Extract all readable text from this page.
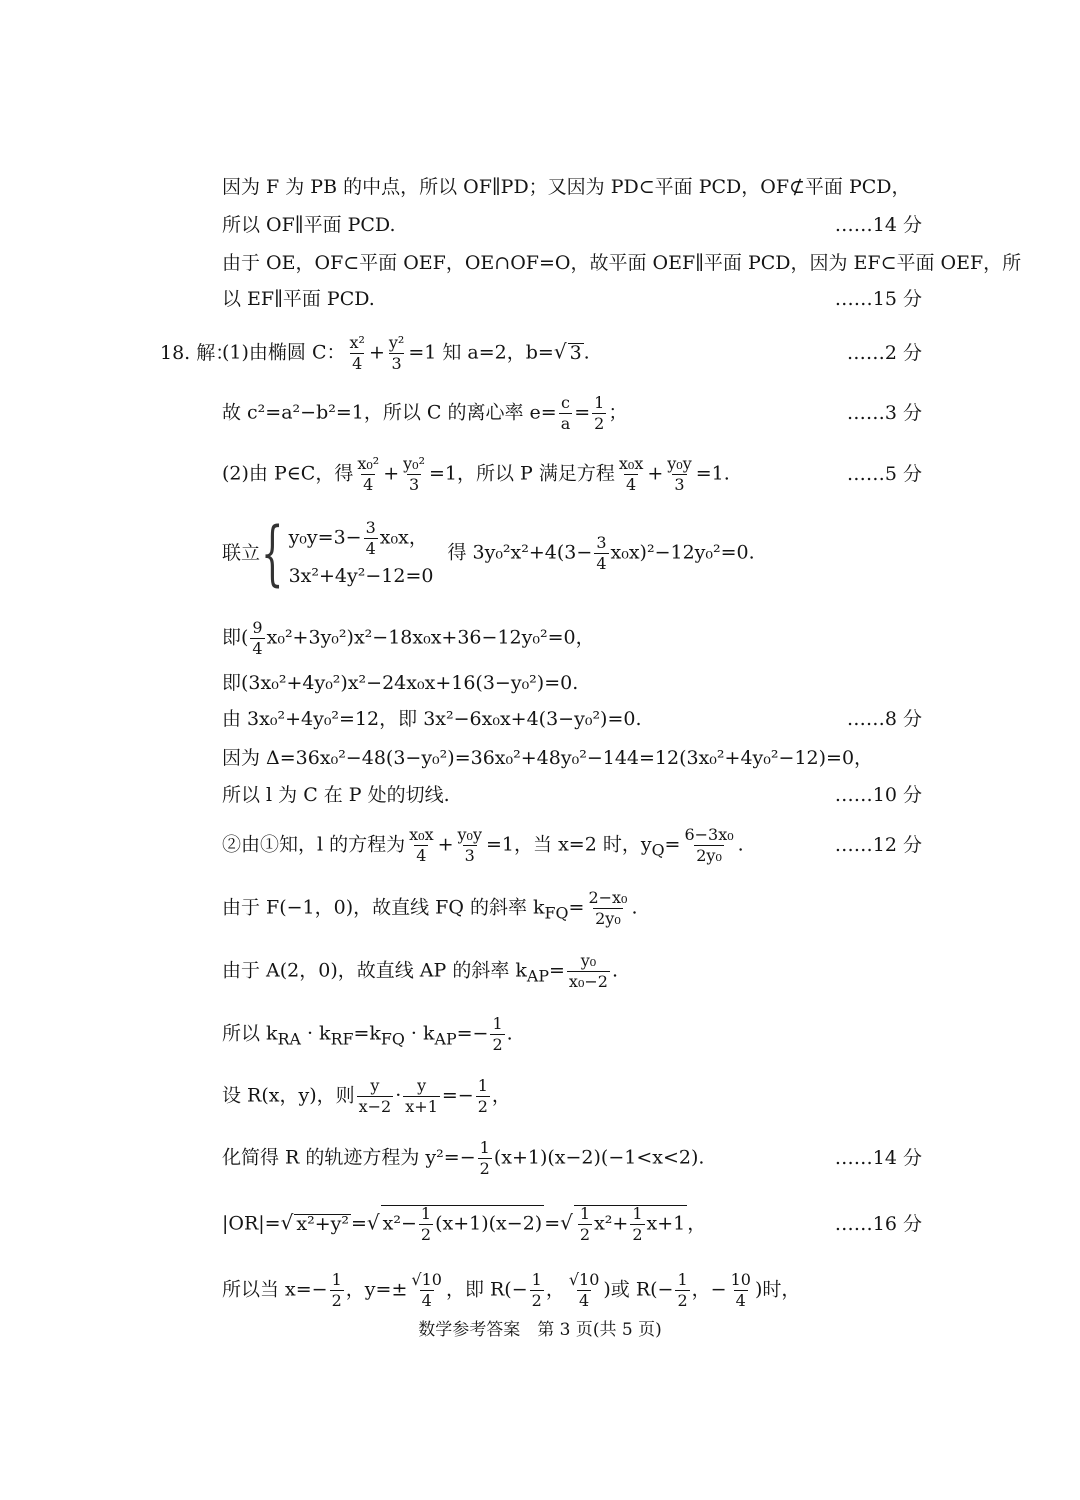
因为 F 为 PB 的中点，所以 OF∥PD；又因为 PD⊂平面 PCD，OF⊄平面 PCD，
所以 OF∥平面 PCD.	……14 分
由于 OE，OF⊂平面 OEF，OE∩OF=O，故平面 OEF∥平面 PCD，因为 EF⊂平面 OEF，所
以 EF∥平面 PCD.	……15 分
18. 解：(1)由椭圆 C： $\frac{\text{x²}}{4} + \frac{\text{y²}}{3} =1$ 知 a=2，b=√ 3 .	……2 分
故 c²=a²−b²=1，所以 C 的离心率 $e= \frac{c}{a} = \frac{1}{2}$ ；	……3 分
(2)由 P∈C，得 $\frac{\text{x₀²}}{4} + \frac{\text{y₀²}}{3} =1$，所以 P 满足方程 $\frac{\text{x₀x}}{4} + \frac{\text{y₀y}}{3} =1$.	……5 分
联立 { $y_0y=3- \frac{3}{4} x_0x$，
3x²+4y²−12=0
得 $3y_0^2x^2+4(3- \frac{3}{4} x_0x)^2-12y_0^2=0$.
即( $\frac{9}{4} x_0^2+3y_0^2)x^2-18x_0x+36-12y_0^2=0$，
即(3x₀²+4y₀²)x²−24x₀x+16(3−y₀²)=0.
由 3x₀²+4y₀²=12，即 3x²−6x₀x+4(3−y₀²)=0.	……8 分
因为 Δ=36x₀²−48(3−y₀²)=36x₀²+48y₀²−144=12(3x₀²+4y₀²−12)=0，
所以 l 为 C 在 P 处的切线.	……10 分
②由①知，l 的方程为 $\frac{\text{x₀x}}{4} + \frac{\text{y₀y}}{3} =1$，当 x=2 时，$y_Q= \frac{\text{6−3x₀}}{\text{2y₀}}$ .	……12 分
由于 F(−1，0)，故直线 FQ 的斜率 $k_{FQ}= \frac{\text{2−x₀}}{\text{2y₀}}$ .
由于 A(2，0)，故直线 AP 的斜率 $k_{AP}= \frac{\text{y₀}}{\text{x₀−2}}$ .
所以 $k_{RA} \cdot k_{RF}=k_{FQ} \cdot k_{AP}=- \frac{1}{2}$ .
设 R(x，y)，则 $\frac{y}{x-2} \cdot \frac{y}{x+1} =- \frac{1}{2}$ ，
化简得 R 的轨迹方程为 $y^2=- \frac{1}{2} (x+1)(x-2)(-1<x<2)$.	……14 分
|OR|=√ x²+y² =√ $x^2- \frac{1}{2} (x+1)(x-2)$ =√ $\frac{1}{2} x^2+ \frac{1}{2} x+1$ ，	……16 分
所以当 $x=- \frac{1}{2}$ ，$y=\pm \frac{√10}{4}$ ，即 $R(- \frac{1}{2}$ ， $\frac{√10}{4}$ )或 $R(- \frac{1}{2}$ ，− $\frac{10}{4}$ )时，
数学参考答案　第 3 页(共 5 页)
